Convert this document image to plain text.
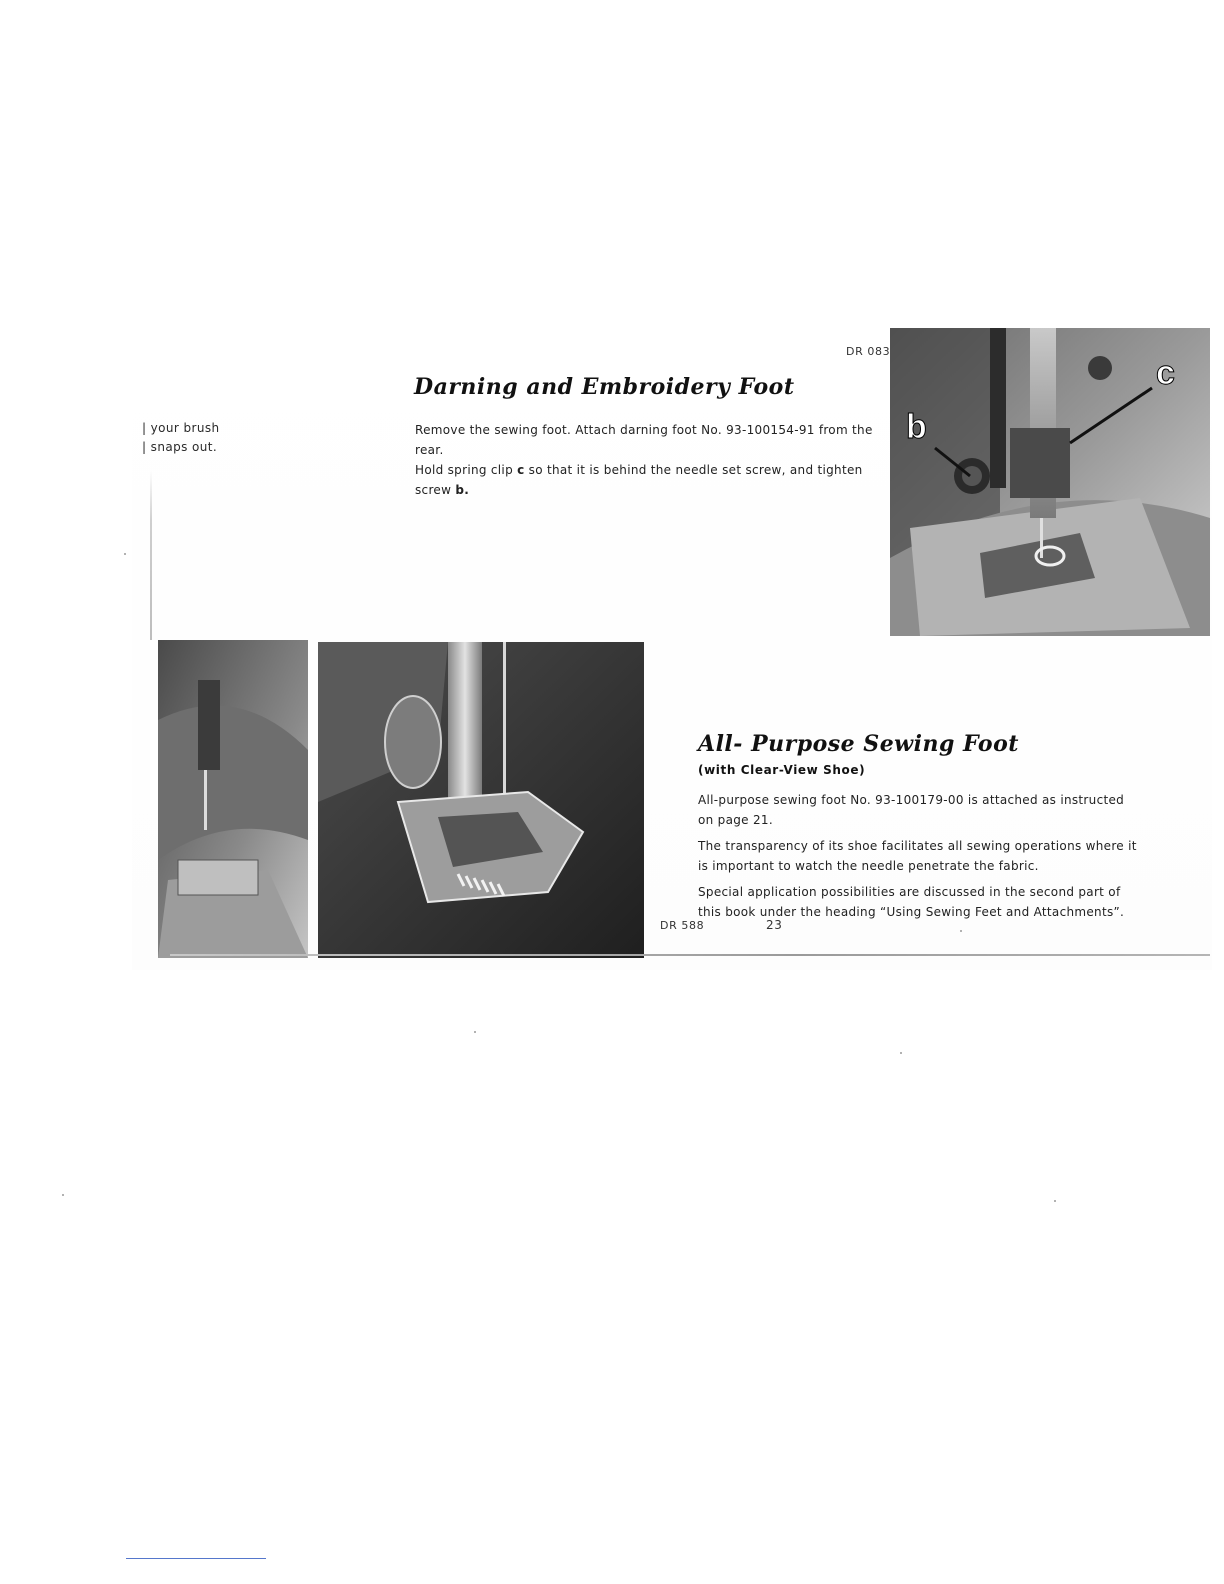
| your brush
| snaps out.
DR 083
Darning and Embroidery Foot
Remove the sewing foot. Attach darning foot No. 93-100154-91 from the rear.
Hold spring clip c so that it is behind the needle set screw, and tighten screw b.
b
c
All- Purpose Sewing Foot
(with Clear-View Shoe)

All-purpose sewing foot No. 93-100179-00 is attached as instructed on page 21.

The transparency of its shoe facilitates all sewing operations where it is important to watch the needle penetrate the fabric.

Special application possibilities are discussed in the second part of this book under the heading “Using Sewing Feet and Attachments”.

DR 588	23
